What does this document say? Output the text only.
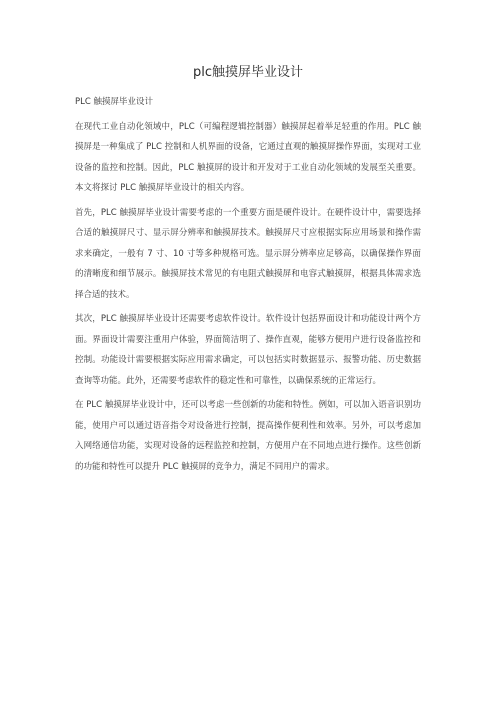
plc触摸屏毕业设计

PLC 触摸屏毕业设计

在现代工业自动化领域中，PLC（可编程逻辑控制器）触摸屏起着举足轻重的作用。PLC 触摸屏是一种集成了 PLC 控制和人机界面的设备，它通过直观的触摸屏操作界面，实现对工业设备的监控和控制。因此，PLC 触摸屏的设计和开发对于工业自动化领域的发展至关重要。本文将探讨 PLC 触摸屏毕业设计的相关内容。

首先，PLC 触摸屏毕业设计需要考虑的一个重要方面是硬件设计。在硬件设计中，需要选择合适的触摸屏尺寸、显示屏分辨率和触摸屏技术。触摸屏尺寸应根据实际应用场景和操作需求来确定，一般有 7 寸、10 寸等多种规格可选。显示屏分辨率应足够高，以确保操作界面的清晰度和细节展示。触摸屏技术常见的有电阻式触摸屏和电容式触摸屏，根据具体需求选择合适的技术。

其次，PLC 触摸屏毕业设计还需要考虑软件设计。软件设计包括界面设计和功能设计两个方面。界面设计需要注重用户体验，界面简洁明了、操作直观，能够方便用户进行设备监控和控制。功能设计需要根据实际应用需求确定，可以包括实时数据显示、报警功能、历史数据查询等功能。此外，还需要考虑软件的稳定性和可靠性，以确保系统的正常运行。

在 PLC 触摸屏毕业设计中，还可以考虑一些创新的功能和特性。例如，可以加入语音识别功能，使用户可以通过语音指令对设备进行控制，提高操作便利性和效率。另外，可以考虑加入网络通信功能，实现对设备的远程监控和控制，方便用户在不同地点进行操作。这些创新的功能和特性可以提升 PLC 触摸屏的竞争力，满足不同用户的需求。
